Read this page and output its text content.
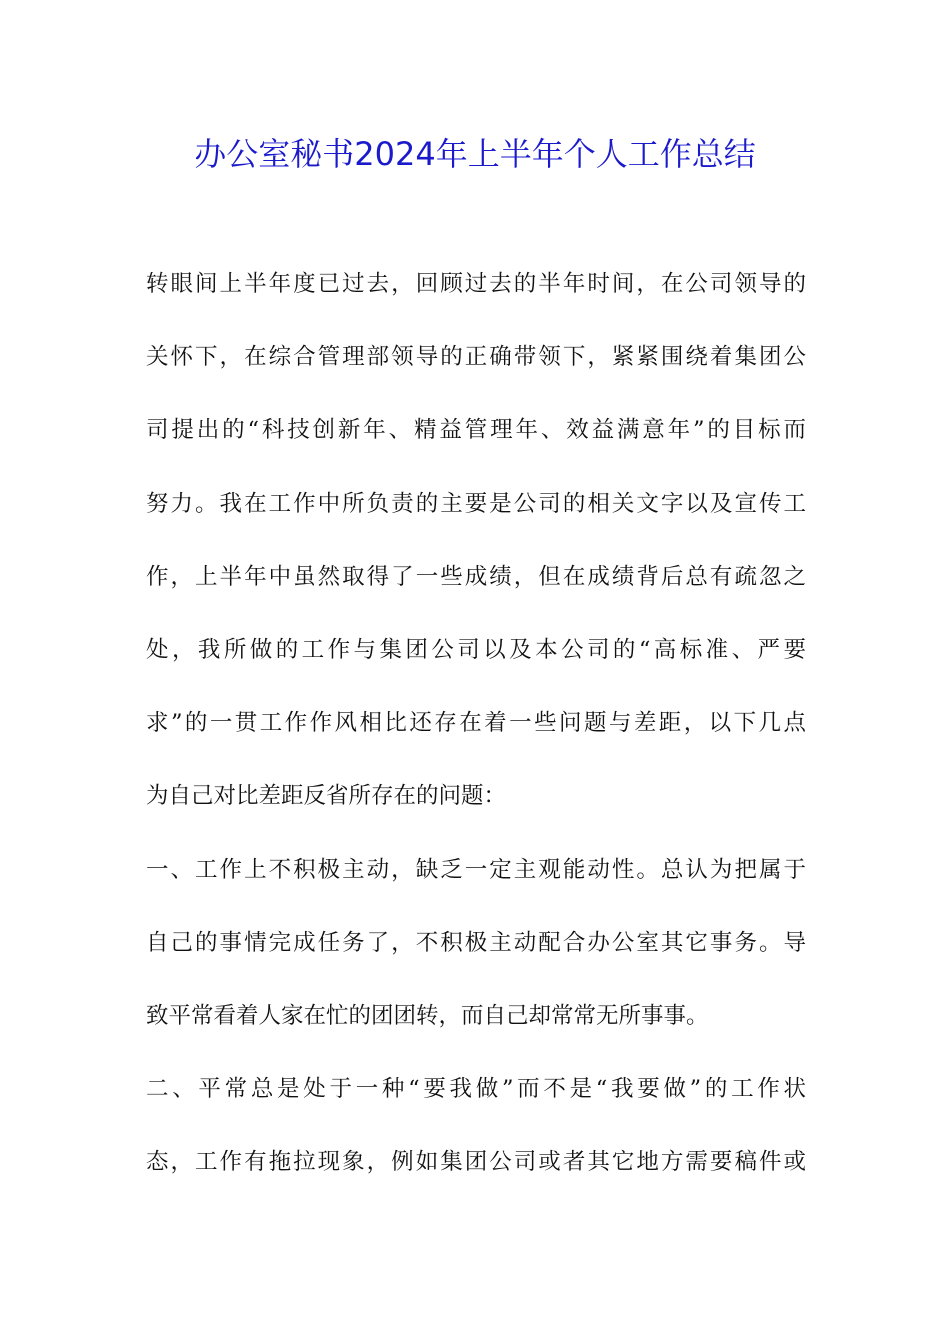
办公室秘书2024年上半年个人工作总结
转眼间上半年度已过去，回顾过去的半年时间，在公司领导的
关怀下，在综合管理部领导的正确带领下，紧紧围绕着集团公
司提出的“科技创新年、精益管理年、效益满意年”的目标而
努力。我在工作中所负责的主要是公司的相关文字以及宣传工
作，上半年中虽然取得了一些成绩，但在成绩背后总有疏忽之
处，我所做的工作与集团公司以及本公司的“高标准、严要
求”的一贯工作作风相比还存在着一些问题与差距，以下几点
为自己对比差距反省所存在的问题：
一、工作上不积极主动，缺乏一定主观能动性。总认为把属于
自己的事情完成任务了，不积极主动配合办公室其它事务。导
致平常看着人家在忙的团团转，而自己却常常无所事事。
二、平常总是处于一种“要我做”而不是“我要做”的工作状
态，工作有拖拉现象，例如集团公司或者其它地方需要稿件或
